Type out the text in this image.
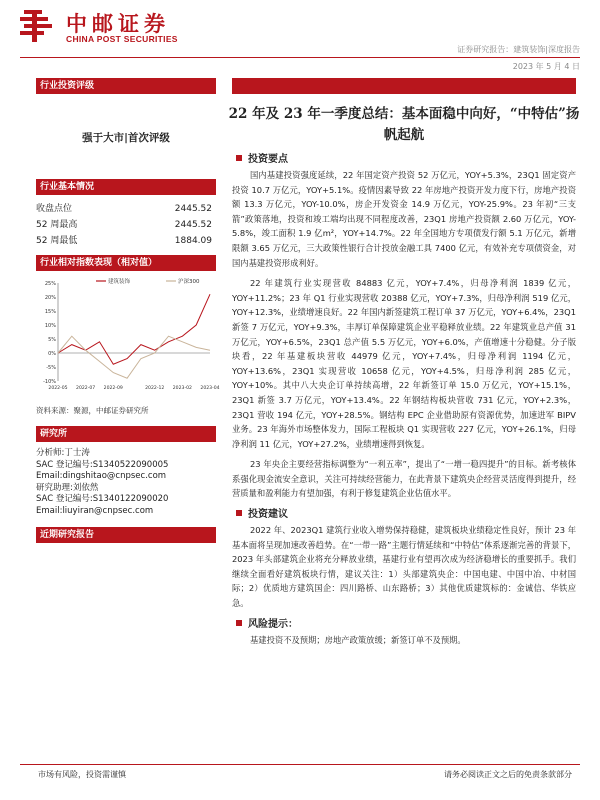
中邮证券
CHINA POST SECURITIES
证券研究报告：建筑装饰|深度报告
2023 年 5 月 4 日
行业投资评级
强于大市|首次评级
行业基本情况
收盘点位	2445.52
52 周最高	2445.52
52 周最低	1884.09
行业相对指数表现（相对值）
-10%
-5%
0%
5%
10%
15%
20%
25%
2022-05 2022-07 2022-09	2022-12 2023-02 2023-04
建筑装饰	沪深300
资料来源：聚源，中邮证券研究所
研究所
分析师:丁士涛
SAC 登记编号:S1340522090005
Email:dingshitao@cnpsec.com
研究助理:刘依然
SAC 登记编号:S1340122090020
Email:liuyiran@cnpsec.com
近期研究报告
22 年及 23 年一季度总结：基本面稳中向好，“中特估”扬帆起航
投资要点

国内基建投资强度延续，22 年国定资产投资 52 万亿元，YOY+5.3%，23Q1 固定资产投资 10.7 万亿元，YOY+5.1%。疫情因素导致 22 年房地产投资开发力度下行，房地产投资额 13.3 万亿元，YOY-10.0%，房企开发资金 14.9 万亿元，YOY-25.9%。23 年初“三支箭”政策落地，投资和竣工端均出现不同程度改善，23Q1 房地产投资额 2.60 万亿元，YOY-5.8%，竣工面积 1.9 亿m²，YOY+14.7%。22 年全国地方专项债发行额 5.1 万亿元，新增限额 3.65 万亿元，三大政策性银行合计投放金融工具 7400 亿元，有效补充专项债资金，对国内基建投资形成利好。

22 年建筑行业实现营收 84883 亿元，YOY+7.4%，归母净利润 1839 亿元，YOY+11.2%；23 年 Q1 行业实现营收 20388 亿元，YOY+7.3%，归母净利润 519 亿元，YOY+12.3%，业绩增速良好。22 年国内新签建筑工程订单 37 万亿元，YOY+6.4%，23Q1 新签 7 万亿元，YOY+9.3%，丰厚订单保障建筑企业平稳释放业绩。22 年建筑业总产值 31 万亿元，YOY+6.5%，23Q1 总产值 5.5 万亿元，YOY+6.0%，产值增速十分稳健。分子版块看，22 年基建板块营收 44979 亿元，YOY+7.4%，归母净利润 1194 亿元，YOY+13.6%，23Q1 实现营收 10658 亿元，YOY+4.5%，归母净利润 285 亿元，YOY+10%。其中八大央企订单持续高增，22 年新签订单 15.0 万亿元，YOY+15.1%，23Q1 新签 3.7 万亿元，YOY+13.4%。22 年钢结构板块营收 731 亿元，YOY+2.3%，23Q1 营收 194 亿元，YOY+28.5%。钢结构 EPC 企业借助原有资源优势，加速进军 BIPV 业务。23 年海外市场整体发力，国际工程板块 Q1 实现营收 227 亿元，YOY+26.1%，归母净利润 11 亿元，YOY+27.2%，业绩增速得到恢复。

23 年央企主要经营指标调整为“一利五率”，提出了“一增一稳四提升”的目标。新考核体系强化现金流安全意识，关注可持续经营能力，在此背景下建筑央企经营灵活度得到提升，经营质量和盈利能力有望加强，有利于修复建筑企业估值水平。

投资建议

2022 年、2023Q1 建筑行业收入增势保持稳健，建筑板块业绩稳定性良好，预计 23 年基本面将呈现加速改善趋势。在“一带一路”主题行情延续和“中特估”体系逐渐完善的背景下，2023 年头部建筑企业将充分释放业绩，基建行业有望再次成为经济稳增长的重要抓手。我们继续全面看好建筑板块行情，建议关注：1）头部建筑央企：中国电建、中国中冶、中材国际；2）优质地方建筑国企：四川路桥、山东路桥；3）其他优质建筑标的：金诚信、华铁应急。

风险提示：

基建投资不及预期；房地产政策放缓；新签订单不及预期。

市场有风险，投资需谨慎	请务必阅读正文之后的免责条款部分
